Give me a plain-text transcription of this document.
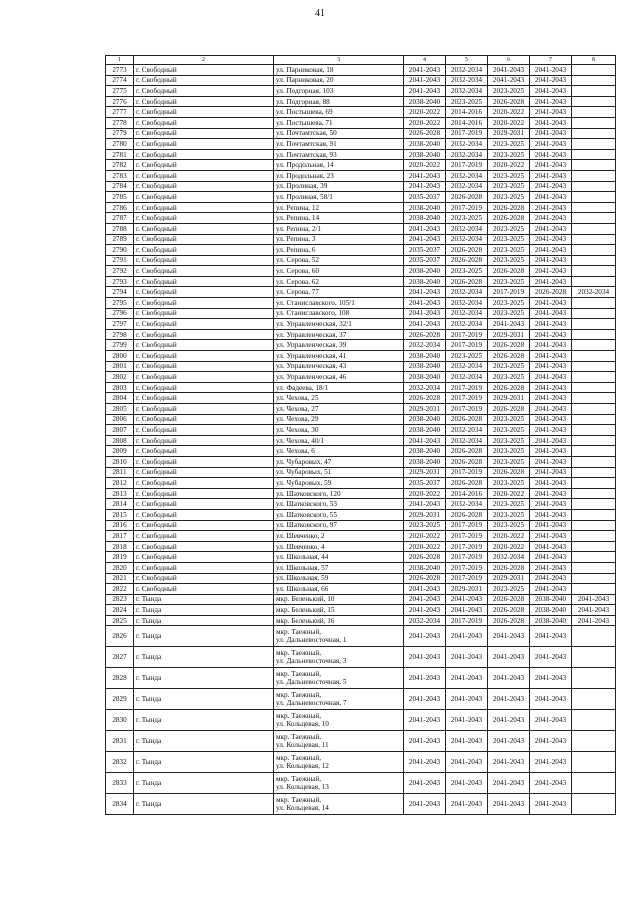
41
1	2	3	4	5	6	7	8
2773	г. Свободный	ул. Парниковая, 18	2041-2043	2032-2034	2041-2043	2041-2043	
2774	г. Свободный	ул. Парниковая, 20	2041-2043	2032-2034	2041-2043	2041-2043	
2775	г. Свободный	ул. Подгорная, 103	2041-2043	2032-2034	2023-2025	2041-2043	
2776	г. Свободный	ул. Подгорная, 88	2038-2040	2023-2025	2026-2028	2041-2043	
2777	г. Свободный	ул. Постышева, 69	2020-2022	2014-2016	2020-2022	2041-2043	
2778	г. Свободный	ул. Постышева, 71	2020-2022	2014-2016	2020-2022	2041-2043	
2779	г. Свободный	ул. Почтамтская, 50	2026-2028	2017-2019	2029-2031	2041-2043	
2780	г. Свободный	ул. Почтамтская, 91	2038-2040	2032-2034	2023-2025	2041-2043	
2781	г. Свободный	ул. Почтамтская, 93	2038-2040	2032-2034	2023-2025	2041-2043	
2782	г. Свободный	ул. Продольная, 14	2020-2022	2017-2019	2020-2022	2041-2043	
2783	г. Свободный	ул. Продольная, 23	2041-2043	2032-2034	2023-2025	2041-2043	
2784	г. Свободный	ул. Пролиная, 39	2041-2043	2032-2034	2023-2025	2041-2043	
2785	г. Свободный	ул. Пролиная, 58/1	2035-2037	2026-2028	2023-2025	2041-2043	
2786	г. Свободный	ул. Репина, 12	2038-2040	2017-2019	2026-2028	2041-2043	
2787	г. Свободный	ул. Репина, 14	2038-2040	2023-2025	2026-2028	2041-2043	
2788	г. Свободный	ул. Репина, 2/1	2041-2043	2032-2034	2023-2025	2041-2043	
2789	г. Свободный	ул. Репина, 3	2041-2043	2032-2034	2023-2025	2041-2043	
2790	г. Свободный	ул. Репина, 6	2035-2037	2026-2028	2023-2025	2041-2043	
2791	г. Свободный	ул. Серова, 52	2035-2037	2026-2028	2023-2025	2041-2043	
2792	г. Свободный	ул. Серова, 60	2038-2040	2023-2025	2026-2028	2041-2043	
2793	г. Свободный	ул. Серова, 62	2038-2040	2026-2028	2023-2025	2041-2043	
2794	г. Свободный	ул. Серова, 77	2041-2043	2032-2034	2017-2019	2026-2028	2032-2034
2795	г. Свободный	ул. Станиславского, 105/1	2041-2043	2032-2034	2023-2025	2041-2043	
2796	г. Свободный	ул. Станиславского, 108	2041-2043	2032-2034	2023-2025	2041-2043	
2797	г. Свободный	ул. Управленческая, 32/1	2041-2043	2032-2034	2041-2043	2041-2043	
2798	г. Свободный	ул. Управленческая, 37	2026-2028	2017-2019	2029-2031	2041-2043	
2799	г. Свободный	ул. Управленческая, 39	2032-2034	2017-2019	2026-2028	2041-2043	
2800	г. Свободный	ул. Управленческая, 41	2038-2040	2023-2025	2026-2028	2041-2043	
2801	г. Свободный	ул. Управленческая, 43	2038-2040	2032-2034	2023-2025	2041-2043	
2802	г. Свободный	ул. Управленческая, 46	2038-2040	2032-2034	2023-2025	2041-2043	
2803	г. Свободный	ул. Фадеева, 18/1	2032-2034	2017-2019	2026-2028	2041-2043	
2804	г. Свободный	ул. Чехова, 25	2026-2028	2017-2019	2029-2031	2041-2043	
2805	г. Свободный	ул. Чехова, 27	2029-2031	2017-2019	2026-2028	2041-2043	
2806	г. Свободный	ул. Чехова, 29	2038-2040	2026-2028	2023-2025	2041-2043	
2807	г. Свободный	ул. Чехова, 30	2038-2040	2032-2034	2023-2025	2041-2043	
2808	г. Свободный	ул. Чехова, 40/1	2041-2043	2032-2034	2023-2025	2041-2043	
2809	г. Свободный	ул. Чехова, 6	2038-2040	2026-2028	2023-2025	2041-2043	
2810	г. Свободный	ул. Чубаровых, 47	2038-2040	2026-2028	2023-2025	2041-2043	
2811	г. Свободный	ул. Чубаровых, 51	2029-2031	2017-2019	2026-2028	2041-2043	
2812	г. Свободный	ул. Чубаровых, 59	2035-2037	2026-2028	2023-2025	2041-2043	
2813	г. Свободный	ул. Шатковского, 120	2020-2022	2014-2016	2020-2022	2041-2043	
2814	г. Свободный	ул. Шатковского, 53	2041-2043	2032-2034	2023-2025	2041-2043	
2815	г. Свободный	ул. Шатковского, 55	2029-2031	2026-2028	2023-2025	2041-2043	
2816	г. Свободный	ул. Шатковского, 97	2023-2025	2017-2019	2023-2025	2041-2043	
2817	г. Свободный	ул. Шевченко, 2	2020-2022	2017-2019	2020-2022	2041-2043	
2818	г. Свободный	ул. Шевченко, 4	2020-2022	2017-2019	2020-2022	2041-2043	
2819	г. Свободный	ул. Школьная, 44	2026-2028	2017-2019	2032-2034	2041-2043	
2820	г. Свободный	ул. Школьная, 57	2038-2040	2017-2019	2026-2028	2041-2043	
2821	г. Свободный	ул. Школьная, 59	2026-2028	2017-2019	2029-2031	2041-2043	
2822	г. Свободный	ул. Школьная, 66	2041-2043	2029-2031	2023-2025	2041-2043	
2823	г. Тында	мкр. Беленький, 10	2041-2043	2041-2043	2026-2028	2038-2040	2041-2043
2824	г. Тында	мкр. Беленький, 15	2041-2043	2041-2043	2026-2028	2038-2040	2041-2043
2825	г. Тында	мкр. Беленький, 16	2032-2034	2017-2019	2026-2028	2038-2040	2041-2043
2826	г. Тында	мкр. Таежный,
ул. Дальневосточная, 1	2041-2043	2041-2043	2041-2043	2041-2043	
2827	г. Тында	мкр. Таежный,
ул. Дальневосточная, 3	2041-2043	2041-2043	2041-2043	2041-2043	
2828	г. Тында	мкр. Таежный,
ул. Дальневосточная, 5	2041-2043	2041-2043	2041-2043	2041-2043	
2829	г. Тында	мкр. Таежный,
ул. Дальневосточная, 7	2041-2043	2041-2043	2041-2043	2041-2043	
2830	г. Тында	мкр. Таежный,
ул. Кольцевая, 10	2041-2043	2041-2043	2041-2043	2041-2043	
2831	г. Тында	мкр. Таежный,
ул. Кольцевая, 11	2041-2043	2041-2043	2041-2043	2041-2043	
2832	г. Тында	мкр. Таежный,
ул. Кольцевая, 12	2041-2043	2041-2043	2041-2043	2041-2043	
2833	г. Тында	мкр. Таежный,
ул. Кольцевая, 13	2041-2043	2041-2043	2041-2043	2041-2043	
2834	г. Тында	мкр. Таежный,
ул. Кольцевая, 14	2041-2043	2041-2043	2041-2043	2041-2043	
